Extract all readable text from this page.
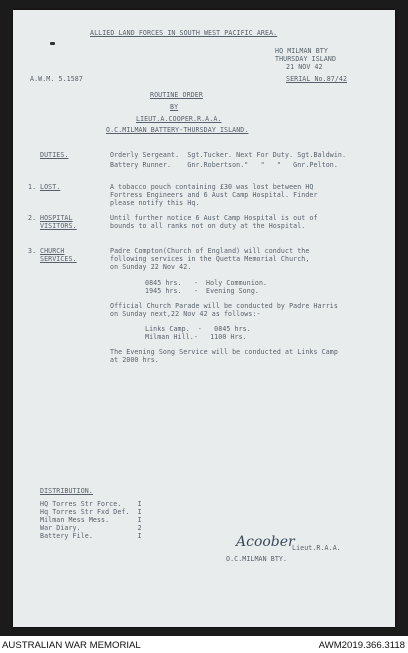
ALLIED LAND FORCES IN SOUTH WEST PACIFIC AREA.
HQ MILMAN BTY
THURSDAY ISLAND
21 NOV 42
A.W.M. 5.1587	SERIAL No.87/42
ROUTINE ORDER
BY
LIEUT.A.COOPER.R.A.A.
O.C.MILMAN BATTERY-THURSDAY ISLAND.
DUTIES.	Orderly Sergeant.  Sgt.Tucker. Next For Duty. Sgt.Baldwin.
Battery Runner.    Gnr.Robertson."   "   "   Gnr.Pelton.
1. LOST.	A tobacco pouch containing £30 was lost between HQ
Fortress Engineers and 6 Aust Camp Hospital. Finder
please notify this Hq.
2. HOSPITAL
VISITORS.
Until further notice 6 Aust Camp Hospital is out of
bounds to all ranks not on duty at the Hospital.
3. CHURCH
SERVICES.
Padre Compton(Church of England) will conduct the
following services in the Quetta Memorial Church,
on Sunday 22 Nov 42.
0845 hrs.   -  Holy Communion.
1945 hrs.   -  Evening Song.
Official Church Parade will be conducted by Padre Harris
on Sunday next,22 Nov 42 as follows:-
Links Camp.  -   0845 hrs.
Milman Hill.-   1100 Hrs.
The Evening Song Service will be conducted at Links Camp
at 2000 hrs.
DISTRIBUTION.
HQ Torres Str Force.    I
Hq Torres Str Fxd Def.  I
Milman Mess Mess.       I
War Diary.              2
Battery File.           I	Acoober
Lieut.R.A.A.
O.C.MILMAN BTY.
AUSTRALIAN WAR MEMORIAL	AWM2019.366.3118
